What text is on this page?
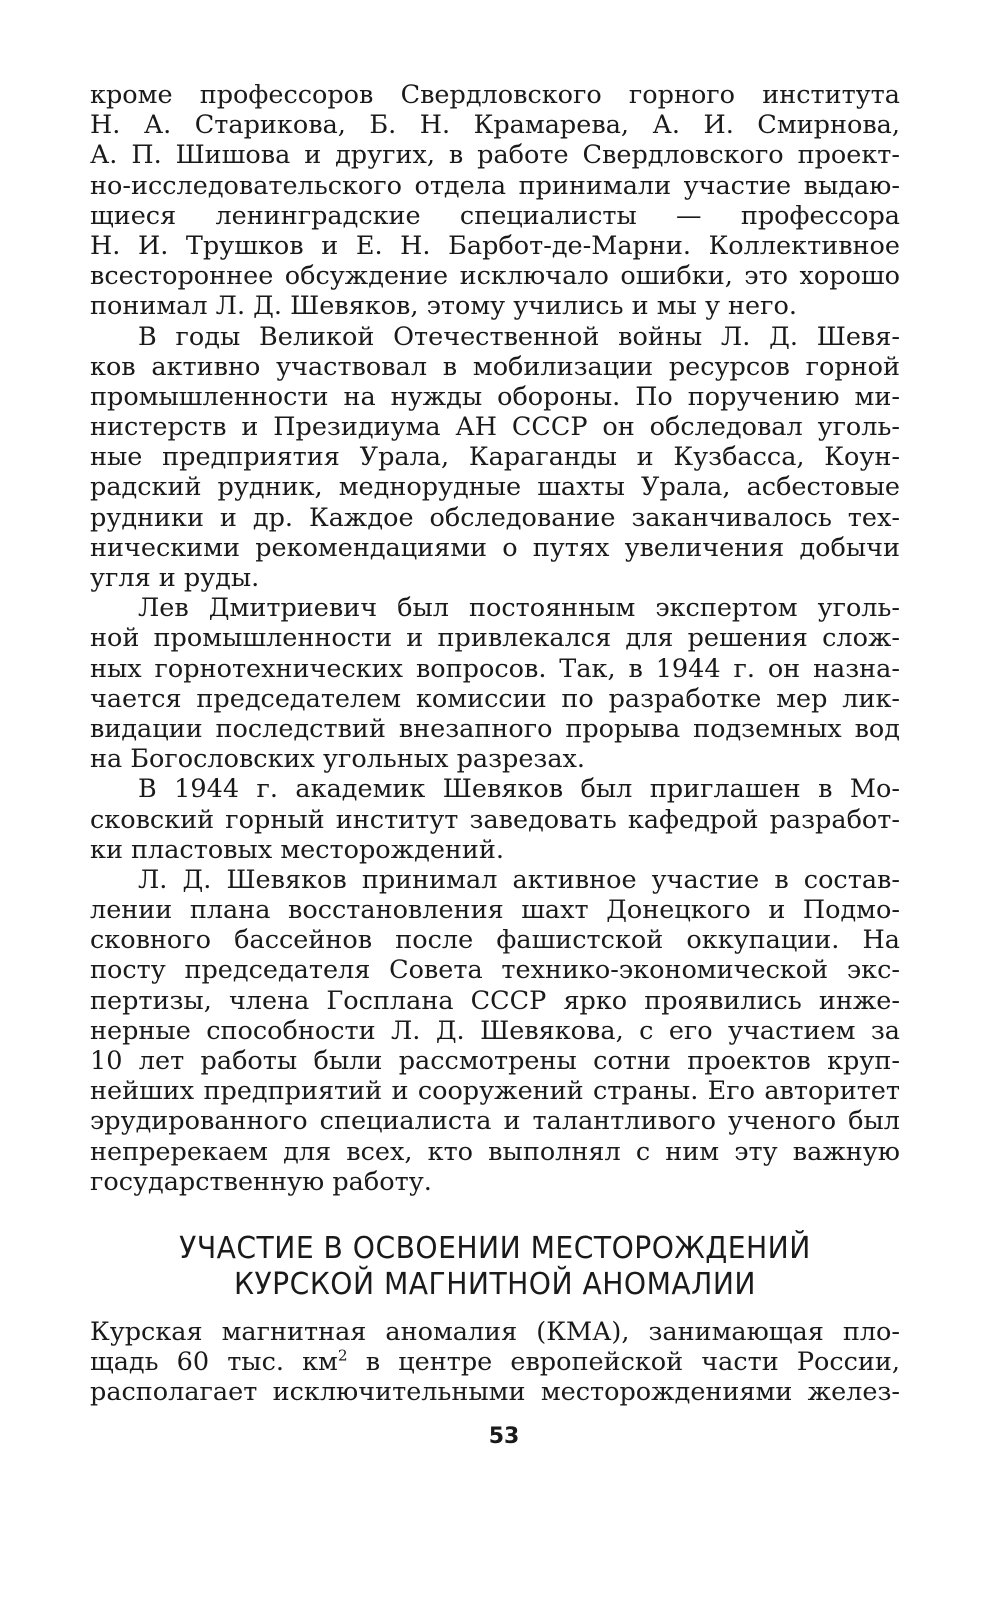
кроме профессоров Свердловского горного института
Н. А. Старикова, Б. Н. Крамарева, А. И. Смирнова,
А. П. Шишова и других, в работе Свердловского проект-
но-исследовательского отдела принимали участие выдаю-
щиеся ленинградские специалисты — профессора
Н. И. Трушков и Е. Н. Барбот-де-Марни. Коллективное
всестороннее обсуждение исключало ошибки, это хорошо
понимал Л. Д. Шевяков, этому учились и мы у него.
В годы Великой Отечественной войны Л. Д. Шевя-
ков активно участвовал в мобилизации ресурсов горной
промышленности на нужды обороны. По поручению ми-
нистерств и Президиума АН СССР он обследовал уголь-
ные предприятия Урала, Караганды и Кузбасса, Коун-
радский рудник, меднорудные шахты Урала, асбестовые
рудники и др. Каждое обследование заканчивалось тех-
ническими рекомендациями о путях увеличения добычи
угля и руды.
Лев Дмитриевич был постоянным экспертом уголь-
ной промышленности и привлекался для решения слож-
ных горнотехнических вопросов. Так, в 1944 г. он назна-
чается председателем комиссии по разработке мер лик-
видации последствий внезапного прорыва подземных вод
на Богословских угольных разрезах.
В 1944 г. академик Шевяков был приглашен в Мо-
сковский горный институт заведовать кафедрой разработ-
ки пластовых месторождений.
Л. Д. Шевяков принимал активное участие в состав-
лении плана восстановления шахт Донецкого и Подмо-
сковного бассейнов после фашистской оккупации. На
посту председателя Совета технико-экономической экс-
пертизы, члена Госплана СССР ярко проявились инже-
нерные способности Л. Д. Шевякова, с его участием за
10 лет работы были рассмотрены сотни проектов круп-
нейших предприятий и сооружений страны. Его авторитет
эрудированного специалиста и талантливого ученого был
непререкаем для всех, кто выполнял с ним эту важную
государственную работу.
УЧАСТИЕ В ОСВОЕНИИ МЕСТОРОЖДЕНИЙ
КУРСКОЙ МАГНИТНОЙ АНОМАЛИИ
Курская магнитная аномалия (КМА), занимающая пло-
щадь 60 тыс. $км^2$ в центре европейской части России,
располагает исключительными месторождениями желез-
53
